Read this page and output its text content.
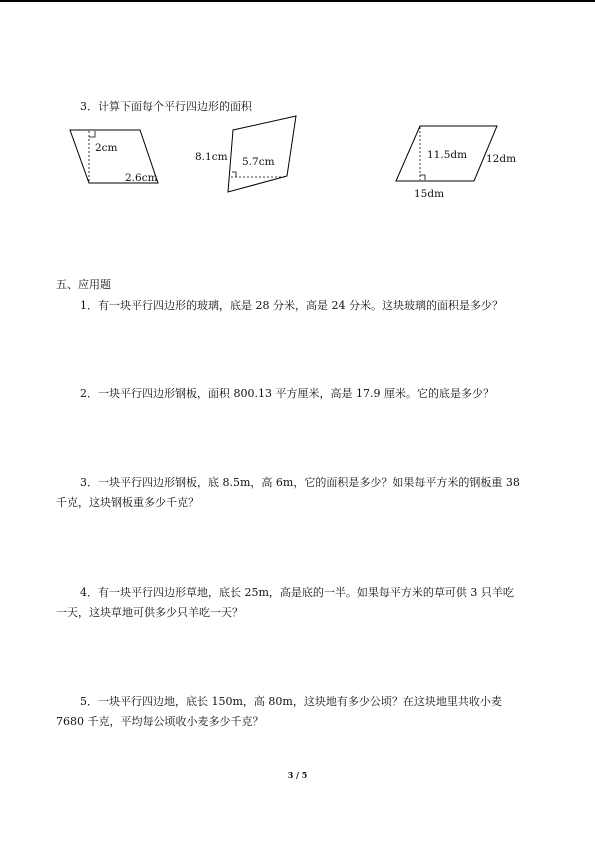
3．计算下面每个平行四边形的面积
2cm
2.6cm
8.1cm 5.7cm
11.5dm 12dm
15dm
五、应用题
1．有一块平行四边形的玻璃，底是 28 分米，高是 24 分米。这块玻璃的面积是多少？
2．一块平行四边形钢板，面积 800.13 平方厘米，高是 17.9 厘米。它的底是多少？
3．一块平行四边形钢板，底 8.5m，高 6m，它的面积是多少？如果每平方米的钢板重 38
千克，这块钢板重多少千克？
4．有一块平行四边形草地，底长 25m，高是底的一半。如果每平方米的草可供 3 只羊吃
一天，这块草地可供多少只羊吃一天？
5．一块平行四边地，底长 150m，高 80m，这块地有多少公顷？在这块地里共收小麦
7680 千克，平均每公顷收小麦多少千克？
3 / 5
